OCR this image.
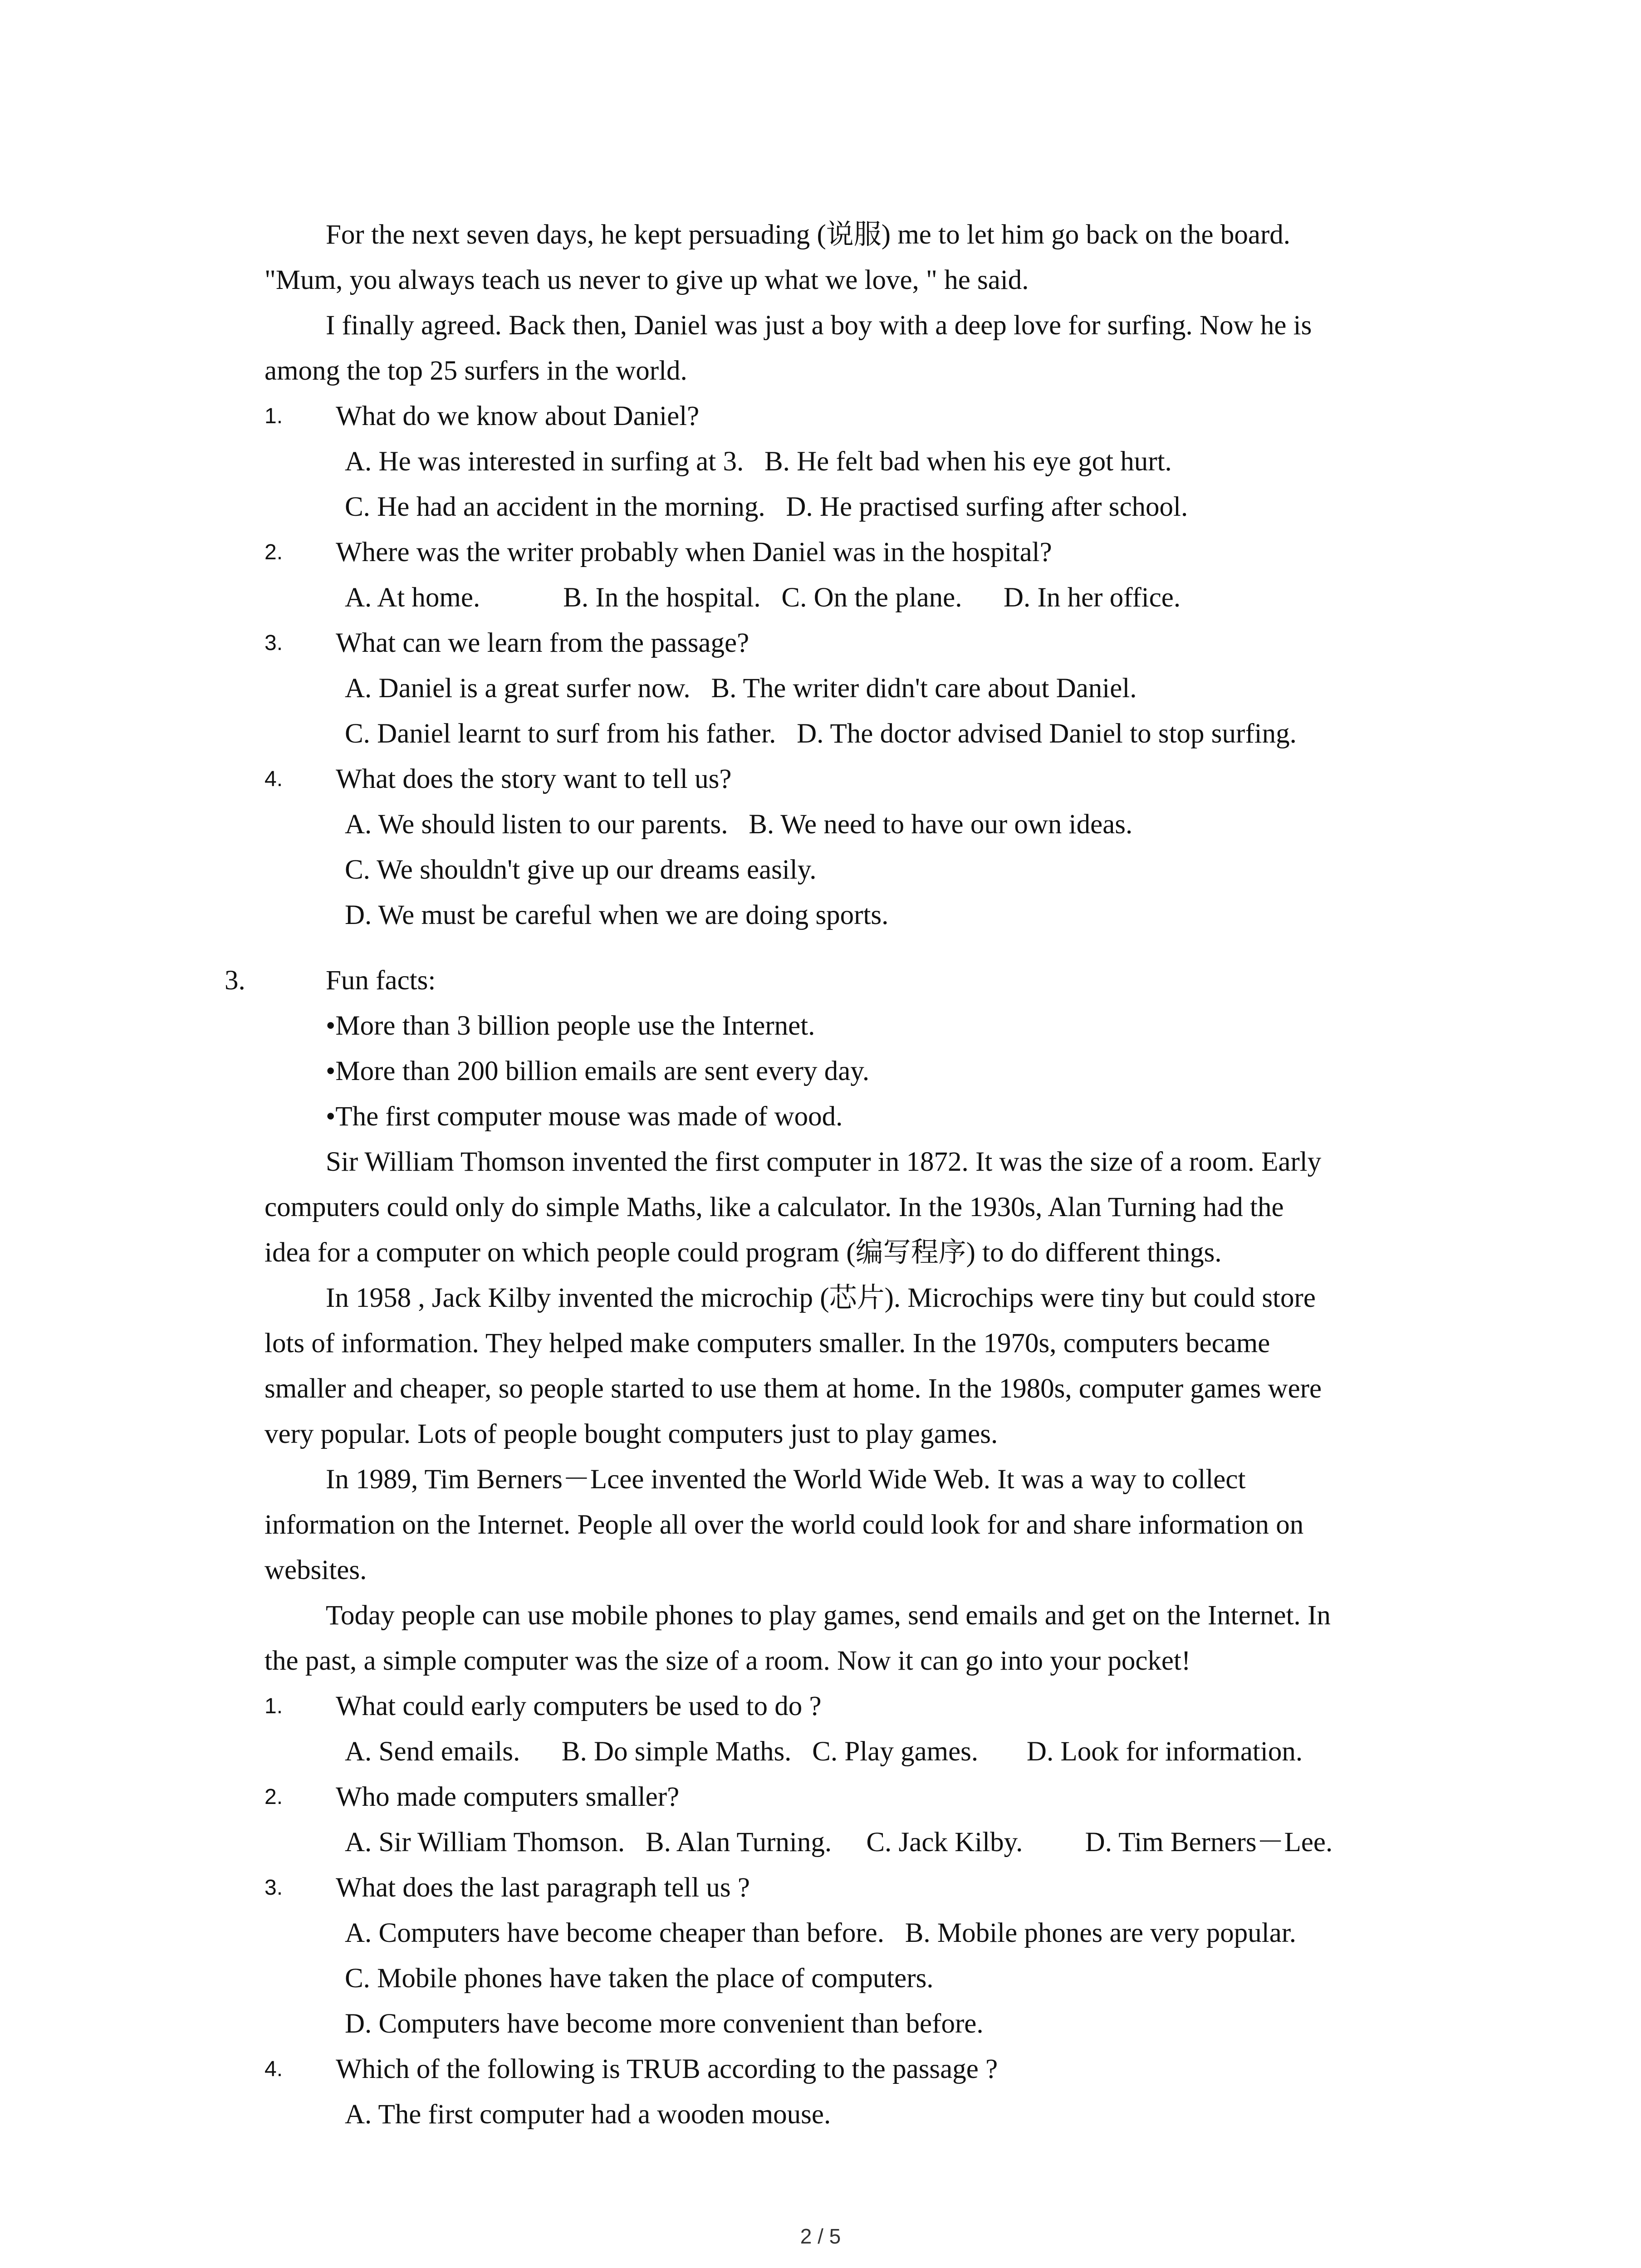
For the next seven days, he kept persuading (说服) me to let him go back on the board.
"Mum, you always teach us never to give up what we love, " he said.
I finally agreed. Back then, Daniel was just a boy with a deep love for surfing. Now he is
among the top 25 surfers in the world.
1. What do we know about Daniel?
A. He was interested in surfing at 3.   B. He felt bad when his eye got hurt.
C. He had an accident in the morning.   D. He practised surfing after school.
2. Where was the writer probably when Daniel was in the hospital?
A. At home.            B. In the hospital.   C. On the plane.      D. In her office.
3. What can we learn from the passage?
A. Daniel is a great surfer now.   B. The writer didn't care about Daniel.
C. Daniel learnt to surf from his father.   D. The doctor advised Daniel to stop surfing.
4. What does the story want to tell us?
A. We should listen to our parents.   B. We need to have our own ideas.
C. We shouldn't give up our dreams easily.
D. We must be careful when we are doing sports.
3.	Fun facts:
•More than 3 billion people use the Internet.
•More than 200 billion emails are sent every day.
•The first computer mouse was made of wood.
Sir William Thomson invented the first computer in 1872. It was the size of a room. Early
computers could only do simple Maths, like a calculator. In the 1930s, Alan Turning had the
idea for a computer on which people could program (编写程序) to do different things.
In 1958 , Jack Kilby invented the microchip (芯片). Microchips were tiny but could store
lots of information. They helped make computers smaller. In the 1970s, computers became
smaller and cheaper, so people started to use them at home. In the 1980s, computer games were
very popular. Lots of people bought computers just to play games.
In 1989, Tim Berners－Lcee invented the World Wide Web. It was a way to collect
information on the Internet. People all over the world could look for and share information on
websites.
Today people can use mobile phones to play games, send emails and get on the Internet. In
the past, a simple computer was the size of a room. Now it can go into your pocket!
1. What could early computers be used to do ?
A. Send emails.      B. Do simple Maths.   C. Play games.       D. Look for information.
2. Who made computers smaller?
A. Sir William Thomson.   B. Alan Turning.     C. Jack Kilby.         D. Tim Berners－Lee.
3. What does the last paragraph tell us ?
A. Computers have become cheaper than before.   B. Mobile phones are very popular.
C. Mobile phones have taken the place of computers.
D. Computers have become more convenient than before.
4. Which of the following is TRUB according to the passage ?
A. The first computer had a wooden mouse.
2 / 5
